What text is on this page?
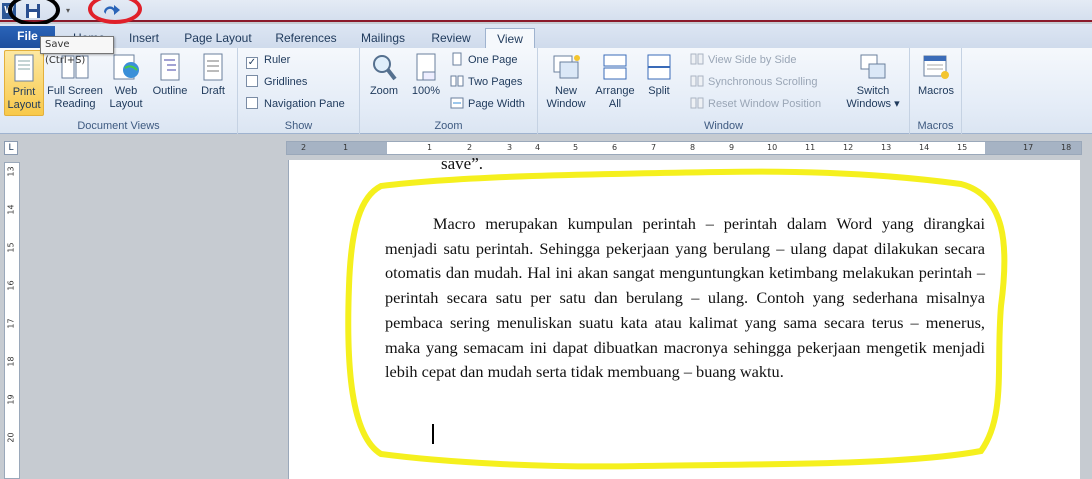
W	▾
File	Insert	Page Layout	References	Mailings	Review	View
Save (Ctrl+S)
Print
Layout
Full Screen
Reading
Web
Layout
Outline	Draft
Document Views
✓ Ruler
Gridlines
Navigation Pane
Show
Zoom	100%
One Page
Two Pages
Page Width
Zoom
New
Window
Arrange
All
Split
View Side by Side
Synchronous Scrolling
Reset Window Position
Switch
Windows ▾
Window
Macros
Macros
L	2	1	1	2	3	4	5	6	7	8	9	10	11	12	13	14	15	17	18
13
14
15
16
17
18
19
20
save”.
Macro merupakan kumpulan perintah – perintah dalam Word yang dirangkai menjadi satu perintah. Sehingga pekerjaan yang berulang – ulang dapat dilakukan secara otomatis dan mudah. Hal ini akan sangat menguntungkan ketimbang melakukan perintah – perintah secara satu per satu dan berulang – ulang. Contoh yang sederhana misalnya pembaca sering menuliskan suatu kata atau kalimat yang sama secara terus – menerus, maka yang semacam ini dapat dibuatkan macronya sehingga pekerjaan mengetik menjadi lebih cepat dan mudah serta tidak membuang – buang waktu.
